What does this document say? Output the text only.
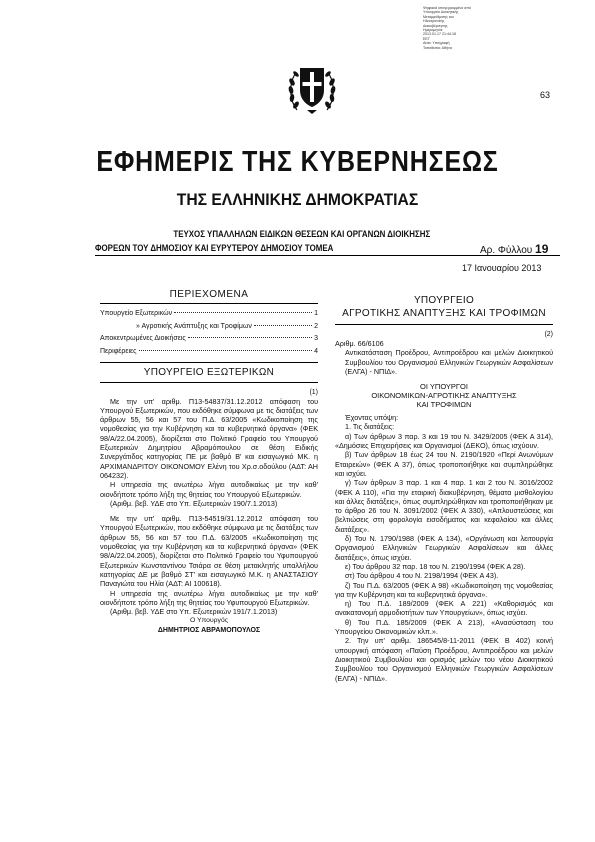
Ψηφιακά υπογεγραμμένο από
Υπουργείο Διοικητικής
Μεταρρύθμισης και
Ηλεκτρονικής
Διακυβέρνησης
Ημερομηνία:
2013.01.17 21:44:18
EET
Αιτία: Υπογραφή
Τοποθεσία: Αθήνα
63
ΕΦΗΜΕΡΙΣ ΤΗΣ ΚΥΒΕΡΝΗΣΕΩΣ
ΤΗΣ ΕΛΛΗΝΙΚΗΣ ΔΗΜΟΚΡΑΤΙΑΣ
ΤΕΥΧΟΣ ΥΠΑΛΛΗΛΩΝ ΕΙΔΙΚΩΝ ΘΕΣΕΩΝ ΚΑΙ ΟΡΓΑΝΩΝ ΔΙΟΙΚΗΣΗΣ
ΦΟΡΕΩΝ ΤΟΥ ΔΗΜΟΣΙΟΥ ΚΑΙ ΕΥΡΥΤΕΡΟΥ ΔΗΜΟΣΙΟΥ ΤΟΜΕΑ	Αρ. Φύλλου 19
17 Ιανουαρίου 2013
ΠΕΡΙΕΧΟΜΕΝΑ
Υπουργείο Εξωτερικών	1
» Αγροτικής Ανάπτυξης και Τροφίμων	2
Αποκεντρωμένες Διοικήσεις	3
Περιφέρειες	4
ΥΠΟΥΡΓΕΙΟ ΕΞΩΤΕΡΙΚΩΝ
(1)

Με την υπ' αριθμ. Π13-54837/31.12.2012 απόφαση του Υπουργού Εξωτερικών, που εκδόθηκε σύμφωνα με τις διατάξεις των άρθρων 55, 56 και 57 του Π.Δ. 63/2005 «Κωδικοποίηση της νομοθεσίας για την Κυβέρνηση και τα κυβερνητικά όργανα» (ΦΕΚ 98/Α/22.04.2005), διορίζεται στο Πολιτικό Γραφείο του Υπουργού Εξωτερικών Δημητρίου Αβραμόπουλου σε θέση Ειδικής Συνεργάτιδος κατηγορίας ΠΕ με βαθμό Β' και εισαγωγικό ΜΚ. η ΑΡΧΙΜΑΝΔΡΙΤΟΥ ΟΙΚΟΝΟΜΟΥ Ελένη του Χρ.σ.οδούλου (ΑΔΤ: ΑΗ 064232).

Η υπηρεσία της ανωτέρω λήγει αυτοδικαίως με την καθ' οιονδήποτε τρόπο λήξη της θητείας του Υπουργού Εξωτερικών.

(Αριθμ. βεβ. ΥΔΕ στο Υπ. Εξωτερικών 190/7.1.2013)

Με την υπ' αριθμ. Π13-54519/31.12.2012 απόφαση του Υπουργού Εξωτερικών, που εκδόθηκε σύμφωνα με τις διατάξεις των άρθρων 55, 56 και 57 του Π.Δ. 63/2005 «Κωδικοποίηση της νομοθεσίας για την Κυβέρνηση και τα κυβερνητικά όργανα» (ΦΕΚ 98/Α/22.04.2005), διορίζεται στο Πολιτικό Γραφείο του Υφυπουργού Εξωτερικών Κωνσταντίνου Τσιάρα σε θέση μετακλητής υπαλλήλου κατηγορίας ΔΕ με βαθμό ΣΤ' και εισαγωγικό Μ.Κ. η ΑΝΑΣΤΑΣΙΟΥ Παναγιώτα του Ηλία (ΑΔΤ: ΑΙ 100618).

Η υπηρεσία της ανωτέρω λήγει αυτοδικαίως με την καθ' οιονδήποτε τρόπο λήξη της θητείας του Υφυπουργού Εξωτερικών.

(Αριθμ. βεβ. ΥΔΕ στο Υπ. Εξωτερικών 191/7.1.2013)

Ο Υπουργός
ΔΗΜΗΤΡΙΟΣ ΑΒΡΑΜΟΠΟΥΛΟΣ
ΥΠΟΥΡΓΕΙΟ
ΑΓΡΟΤΙΚΗΣ ΑΝΑΠΤΥΞΗΣ ΚΑΙ ΤΡΟΦΙΜΩΝ
(2)

Αριθμ. 66/6106

Αντικατάσταση Προέδρου, Αντιπροέδρου και μελών Διοικητικού Συμβουλίου του Οργανισμού Ελληνικών Γεωργικών Ασφαλίσεων (ΕΛΓΑ) - ΝΠΙΔ».

ΟΙ ΥΠΟΥΡΓΟΙ
ΟΙΚΟΝΟΜΙΚΩΝ-ΑΓΡΟΤΙΚΗΣ ΑΝΑΠΤΥΞΗΣ
ΚΑΙ ΤΡΟΦΙΜΩΝ

Έχοντας υπόψη:

1. Τις διατάξεις:

α) Των άρθρων 3 παρ. 3 και 19 του Ν. 3429/2005 (ΦΕΚ Α 314), «Δημόσιες Επιχειρήσεις και Οργανισμοί (ΔΕΚΟ), όπως ισχύουν.

β) Των άρθρων 18 έως 24 του Ν. 2190/1920 «Περί Ανωνύμων Εταιρειών» (ΦΕΚ Α 37), όπως τροποποιήθηκε και συμπληρώθηκε και ισχύει.

γ) Των άρθρων 3 παρ. 1 και 4 παρ. 1 και 2 του Ν. 3016/2002 (ΦΕΚ Α 110), «Για την εταιρική διακυβέρνηση, θέματα μισθολογίου και άλλες διατάξεις», όπως συμπληρώθηκαν και τροποποιήθηκαν με το άρθρο 26 του Ν. 3091/2002 (ΦΕΚ Α 330), «Απλουστεύσεις και βελτιώσεις στη φορολογία εισοδήματος και κεφαλαίου και άλλες διατάξεις».

δ) Του Ν. 1790/1988 (ΦΕΚ Α 134), «Οργάνωση και λειτουργία Οργανισμού Ελληνικών Γεωργικών Ασφαλίσεων και άλλες διατάξεις», όπως ισχύει.

ε) Του άρθρου 32 παρ. 18 του Ν. 2190/1994 (ΦΕΚ Α 28).

στ) Του άρθρου 4 του Ν. 2198/1994 (ΦΕΚ Α 43).

ζ) Του Π.Δ. 63/2005 (ΦΕΚ Α 98) «Κωδικοποίηση της νομοθεσίας για την Κυβέρνηση και τα κυβερνητικά όργανα».

η) Του Π.Δ. 189/2009 (ΦΕΚ Α 221) «Καθορισμός και ανακατανομή αρμοδιοτήτων των Υπουργείων», όπως ισχύει.

θ) Του Π.Δ. 185/2009 (ΦΕΚ Α 213), «Ανασύσταση του Υπουργείου Οικονομικών κλπ.».

2. Την υπ' αριθμ. 186545/8-11-2011 (ΦΕΚ Β 402) κοινή υπουργική απόφαση «Παύση Προέδρου, Αντιπροέδρου και μελών Διοικητικού Συμβουλίου και ορισμός μελών του νέου Διοικητικού Συμβουλίου του Οργανισμού Ελληνικών Γεωργικών Ασφαλίσεων (ΕΛΓΑ) - ΝΠΙΔ».
